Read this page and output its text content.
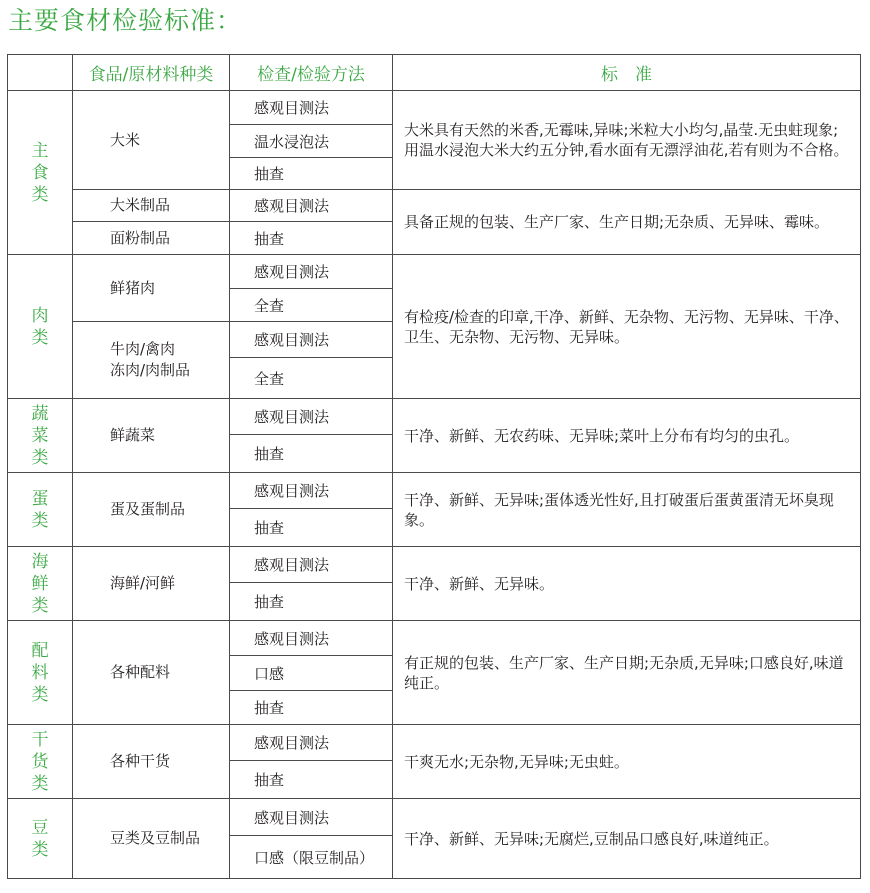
主要食材检验标准：
	食品/原材料种类	检查/检验方法	标　准

主
食
类	大米	感观目测法	大米具有天然的米香,无霉味,异味;米粒大小均匀,晶莹.无虫蛀现象; 用温水浸泡大米大约五分钟,看水面有无漂浮油花,若有则为不合格。
		温水浸泡法	
		抽查	
	大米制品	感观目测法	具备正规的包装、生产厂家、生产日期;无杂质、无异味、霉味。
	面粉制品	抽查	

肉
类	鲜猪肉	感观目测法	有检疫/检查的印章,干净、新鲜、无杂物、无污物、无异味、干净、卫生、无杂物、无污物、无异味。
		全查	

	牛肉/禽肉
冻肉/肉制品	感观目测法	
		全查	

蔬
菜
类	鲜蔬菜	感观目测法	干净、新鲜、无农药味、无异味;菜叶上分布有均匀的虫孔。
		抽查	

蛋
类	蛋及蛋制品	感观目测法	干净、新鲜、无异味;蛋体透光性好,且打破蛋后蛋黄蛋清无坏臭现象。
		抽查	

海
鲜
类	海鲜/河鲜	感观目测法	干净、新鲜、无异味。
		抽查	

配
料
类	各种配料	感观目测法	有正规的包装、生产厂家、生产日期;无杂质,无异味;口感良好,味道纯正。
		口感	
		抽查	

干
货
类	各种干货	感观目测法	干爽无水;无杂物,无异味;无虫蛀。
		抽查	

豆
类	豆类及豆制品	感观目测法	干净、新鲜、无异味;无腐烂,豆制品口感良好,味道纯正。
		口感（限豆制品）	
